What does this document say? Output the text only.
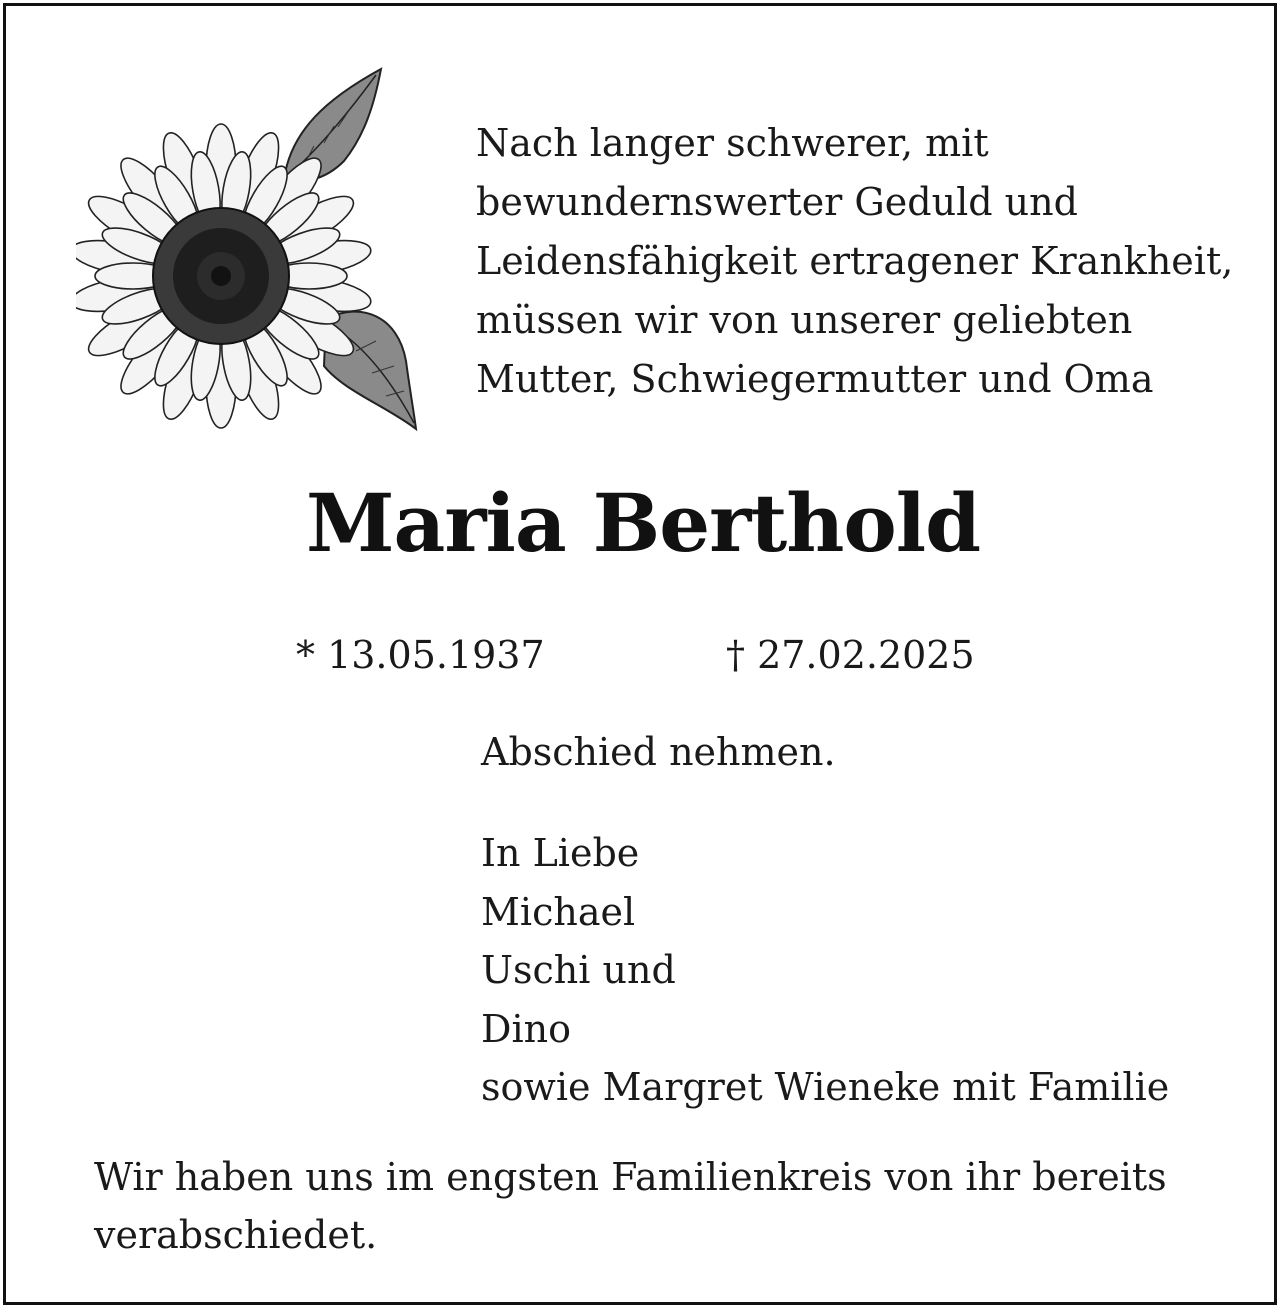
Nach langer schwerer, mit
bewundernswerter Geduld und
Leidensfähigkeit ertragener Krankheit,
müssen wir von unserer geliebten
Mutter, Schwiegermutter und Oma
Maria Berthold
* 13.05.1937	† 27.02.2025
Abschied nehmen.
In Liebe
Michael
Uschi und
Dino
sowie Margret Wieneke mit Familie
Wir haben uns im engsten Familienkreis von ihr bereits
verabschiedet.
